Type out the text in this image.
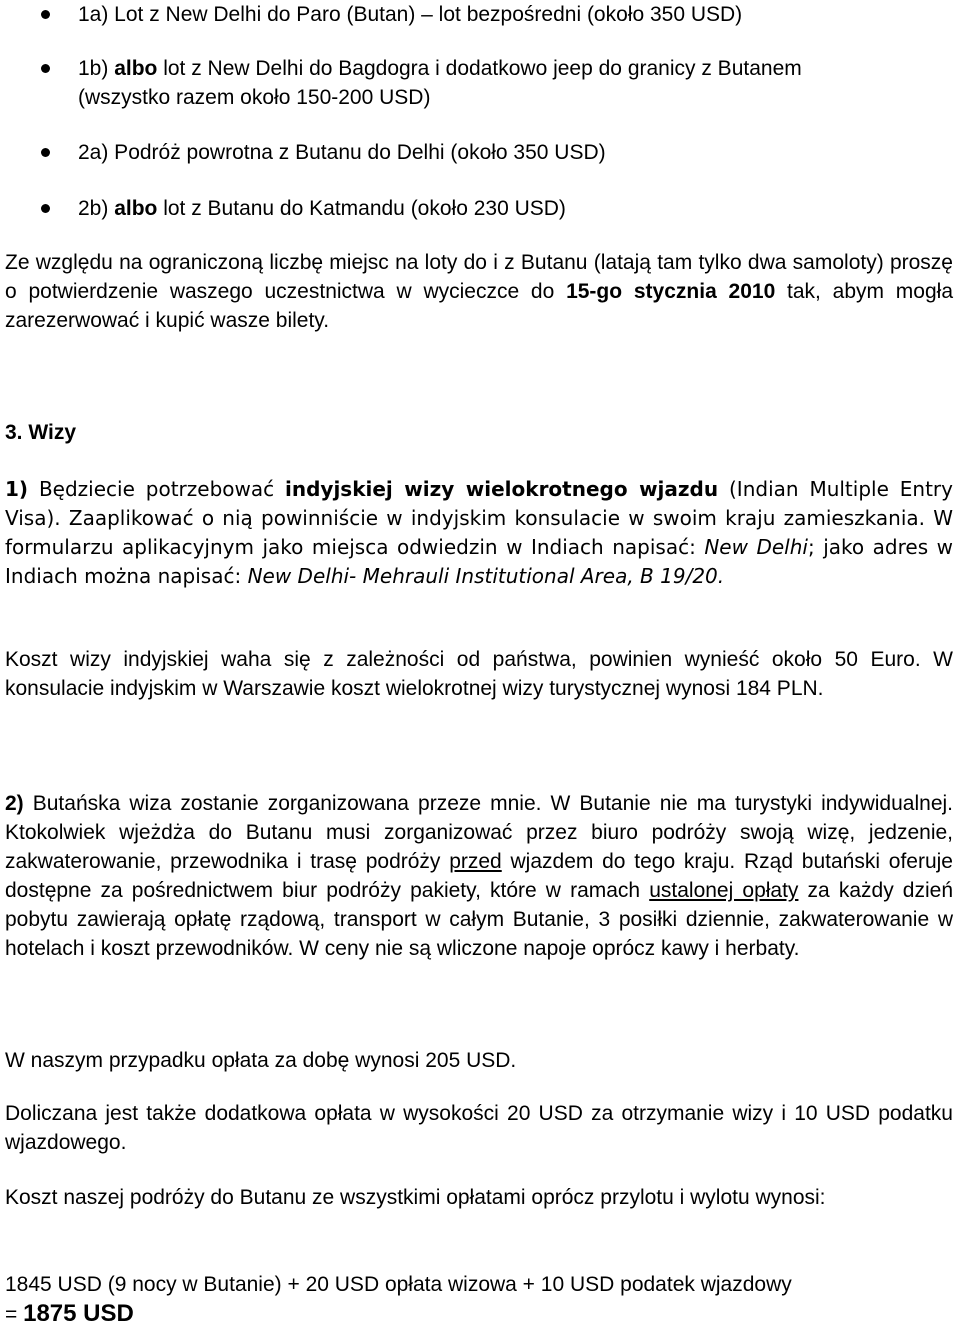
1a) Lot z New Delhi do Paro (Butan) – lot bezpośredni (około 350 USD)
1b) albo lot z New Delhi do Bagdogra i dodatkowo jeep do granicy z Butanem
(wszystko razem około 150-200 USD)
2a) Podróż powrotna z Butanu do Delhi (około 350 USD)
2b) albo lot z Butanu do Katmandu (około 230 USD)
Ze względu na ograniczoną liczbę miejsc na loty do i z Butanu (latają tam tylko dwa samoloty) proszę o potwierdzenie waszego uczestnictwa w wycieczce do 15-go stycznia 2010 tak, abym mogła zarezerwować i kupić wasze bilety.
3. Wizy
1) Będziecie potrzebować indyjskiej wizy wielokrotnego wjazdu (Indian Multiple Entry Visa). Zaaplikować o nią powinniście w indyjskim konsulacie w swoim kraju zamieszkania. W formularzu aplikacyjnym jako miejsca odwiedzin w Indiach napisać: New Delhi; jako adres w Indiach można napisać: New Delhi- Mehrauli Institutional Area, B 19/20.
Koszt wizy indyjskiej waha się z zależności od państwa, powinien wynieść około 50 Euro. W konsulacie indyjskim w Warszawie koszt wielokrotnej wizy turystycznej wynosi 184 PLN.
2) Butańska wiza zostanie zorganizowana przeze mnie. W Butanie nie ma turystyki indywidualnej. Ktokolwiek wjeżdża do Butanu musi zorganizować przez biuro podróży swoją wizę, jedzenie, zakwaterowanie, przewodnika i trasę podróży przed wjazdem do tego kraju. Rząd butański oferuje dostępne za pośrednictwem biur podróży pakiety, które w ramach ustalonej opłaty za każdy dzień pobytu zawierają opłatę rządową, transport w całym Butanie, 3 posiłki dziennie, zakwaterowanie w hotelach i koszt przewodników. W ceny nie są wliczone napoje oprócz kawy i herbaty.
W naszym przypadku opłata za dobę wynosi 205 USD.
Doliczana jest także dodatkowa opłata w wysokości 20 USD za otrzymanie wizy i 10 USD podatku wjazdowego.
Koszt naszej podróży do Butanu ze wszystkimi opłatami oprócz przylotu i wylotu wynosi:
1845 USD (9 nocy w Butanie) + 20 USD opłata wizowa + 10 USD podatek wjazdowy
= 1875 USD
